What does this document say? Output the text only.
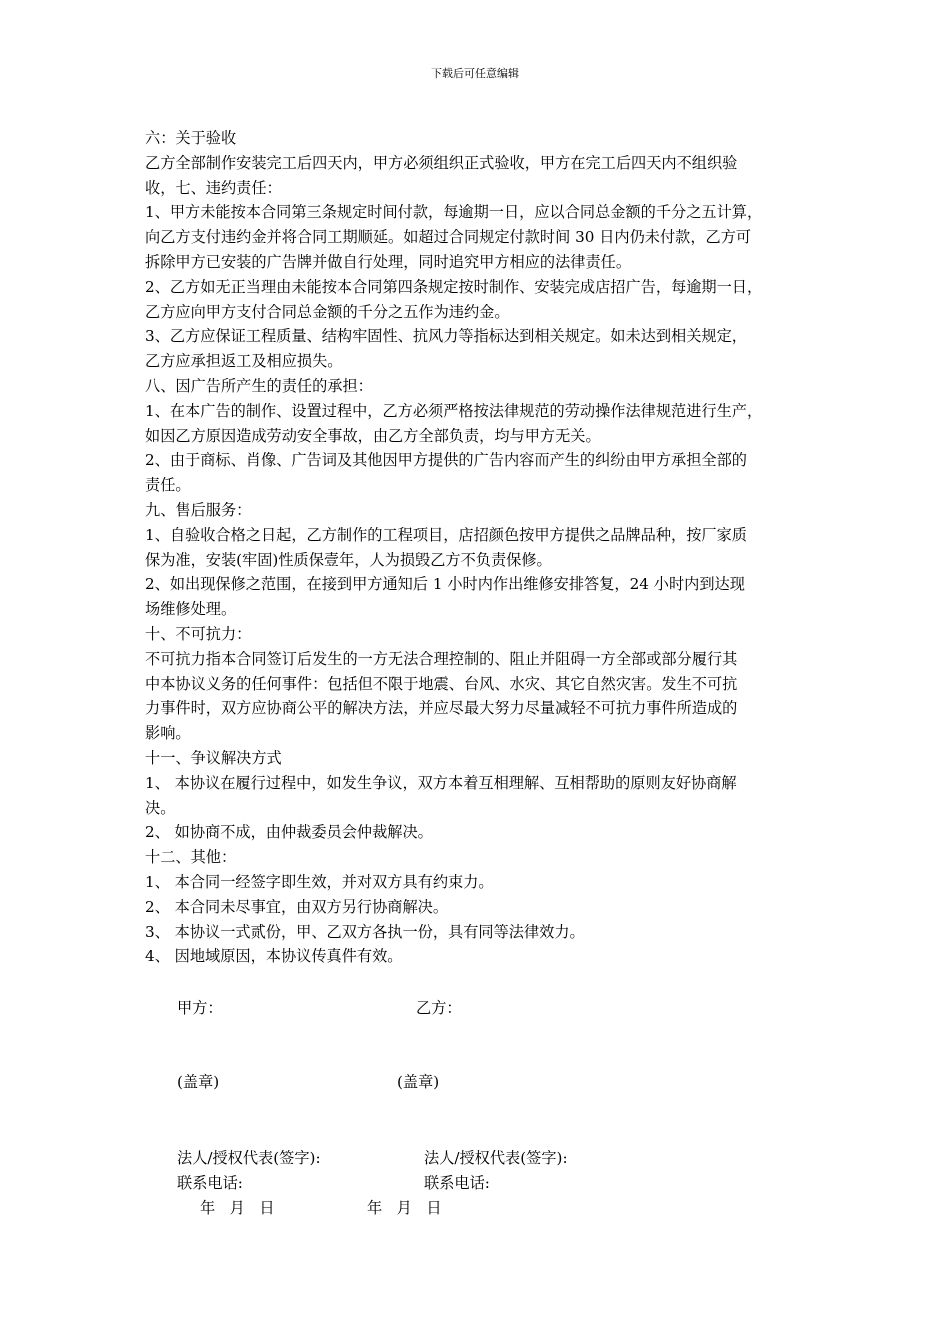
下载后可任意编辑
六：关于验收
乙方全部制作安装完工后四天内，甲方必须组织正式验收，甲方在完工后四天内不组织验
收，七、违约责任：
1、甲方未能按本合同第三条规定时间付款，每逾期一日，应以合同总金额的千分之五计算，
向乙方支付违约金并将合同工期顺延。如超过合同规定付款时间 30 日内仍未付款，乙方可
拆除甲方已安装的广告牌并做自行处理，同时追究甲方相应的法律责任。
2、乙方如无正当理由未能按本合同第四条规定按时制作、安装完成店招广告，每逾期一日，
乙方应向甲方支付合同总金额的千分之五作为违约金。
3、乙方应保证工程质量、结构牢固性、抗风力等指标达到相关规定。如未达到相关规定，
乙方应承担返工及相应损失。
八、因广告所产生的责任的承担：
1、在本广告的制作、设置过程中，乙方必须严格按法律规范的劳动操作法律规范进行生产，
如因乙方原因造成劳动安全事故，由乙方全部负责，均与甲方无关。
2、由于商标、肖像、广告词及其他因甲方提供的广告内容而产生的纠纷由甲方承担全部的
责任。
九、售后服务：
1、自验收合格之日起，乙方制作的工程项目，店招颜色按甲方提供之品牌品种，按厂家质
保为准，安装(牢固)性质保壹年，人为损毁乙方不负责保修。
2、如出现保修之范围，在接到甲方通知后 1 小时内作出维修安排答复，24 小时内到达现
场维修处理。
十、不可抗力：
不可抗力指本合同签订后发生的一方无法合理控制的、阻止并阻碍一方全部或部分履行其
中本协议义务的任何事件：包括但不限于地震、台风、水灾、其它自然灾害。发生不可抗
力事件时，双方应协商公平的解决方法，并应尽最大努力尽量减轻不可抗力事件所造成的
影响。
十一、争议解决方式
1、 本协议在履行过程中，如发生争议，双方本着互相理解、互相帮助的原则友好协商解
决。
2、 如协商不成，由仲裁委员会仲裁解决。
十二、其他：
1、 本合同一经签字即生效，并对双方具有约束力。
2、 本合同未尽事宜，由双方另行协商解决。
3、 本协议一式贰份，甲、乙双方各执一份，具有同等法律效力。
4、 因地域原因，本协议传真件有效。
甲方：	乙方：
(盖章)	(盖章)
法人/授权代表(签字):	法人/授权代表(签字):
联系电话:	联系电话:
年   月   日	年   月   日
